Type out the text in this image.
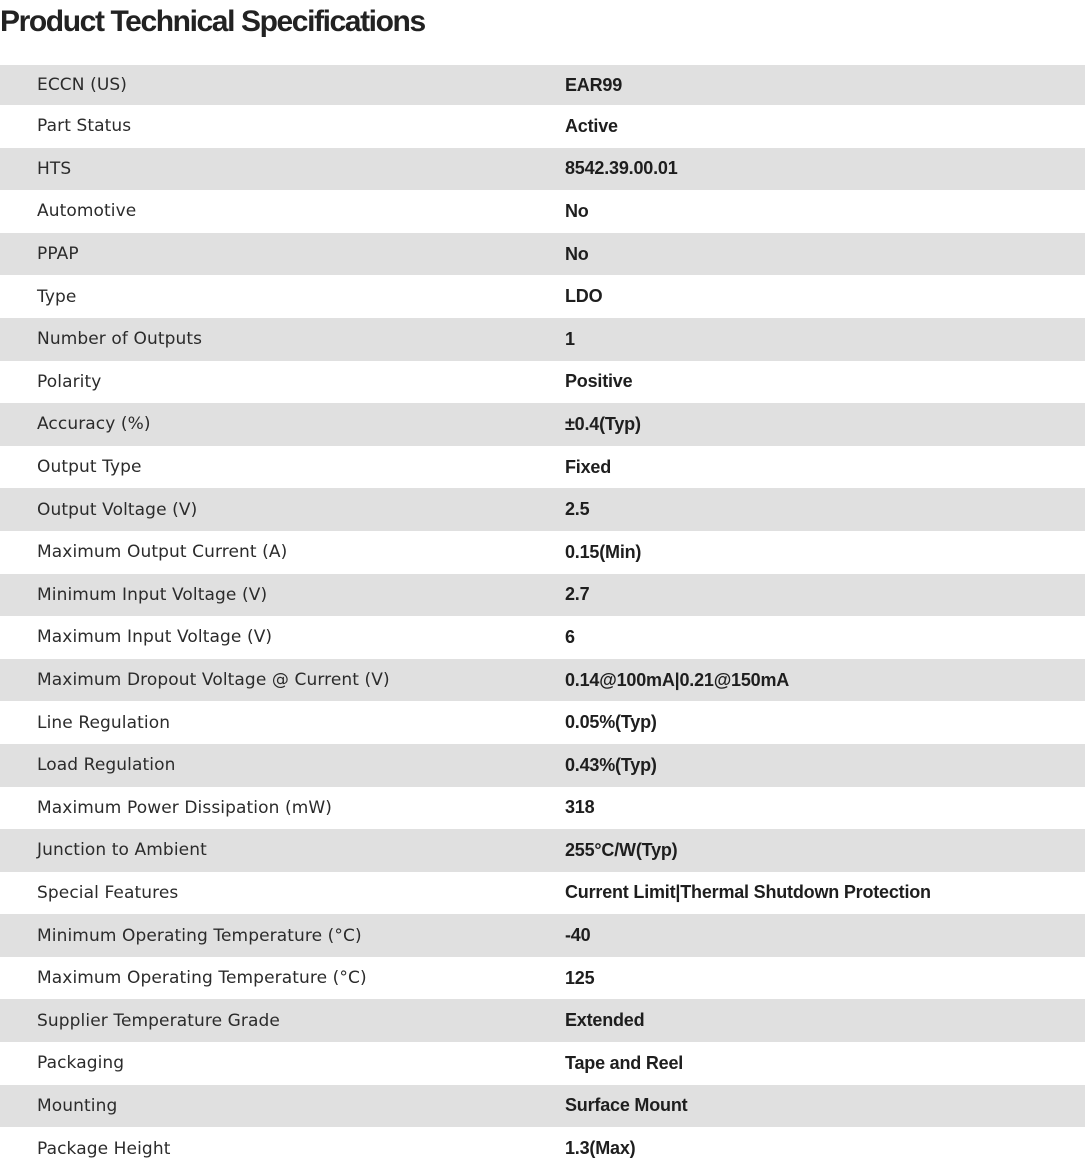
Product Technical Specifications
ECCN (US)	EAR99
Part Status	Active
HTS	8542.39.00.01
Automotive	No
PPAP	No
Type	LDO
Number of Outputs	1
Polarity	Positive
Accuracy (%)	±0.4(Typ)
Output Type	Fixed
Output Voltage (V)	2.5
Maximum Output Current (A)	0.15(Min)
Minimum Input Voltage (V)	2.7
Maximum Input Voltage (V)	6
Maximum Dropout Voltage @ Current (V)	0.14@100mA|0.21@150mA
Line Regulation	0.05%(Typ)
Load Regulation	0.43%(Typ)
Maximum Power Dissipation (mW)	318
Junction to Ambient	255°C/W(Typ)
Special Features	Current Limit|Thermal Shutdown Protection
Minimum Operating Temperature (°C)	-40
Maximum Operating Temperature (°C)	125
Supplier Temperature Grade	Extended
Packaging	Tape and Reel
Mounting	Surface Mount
Package Height	1.3(Max)
